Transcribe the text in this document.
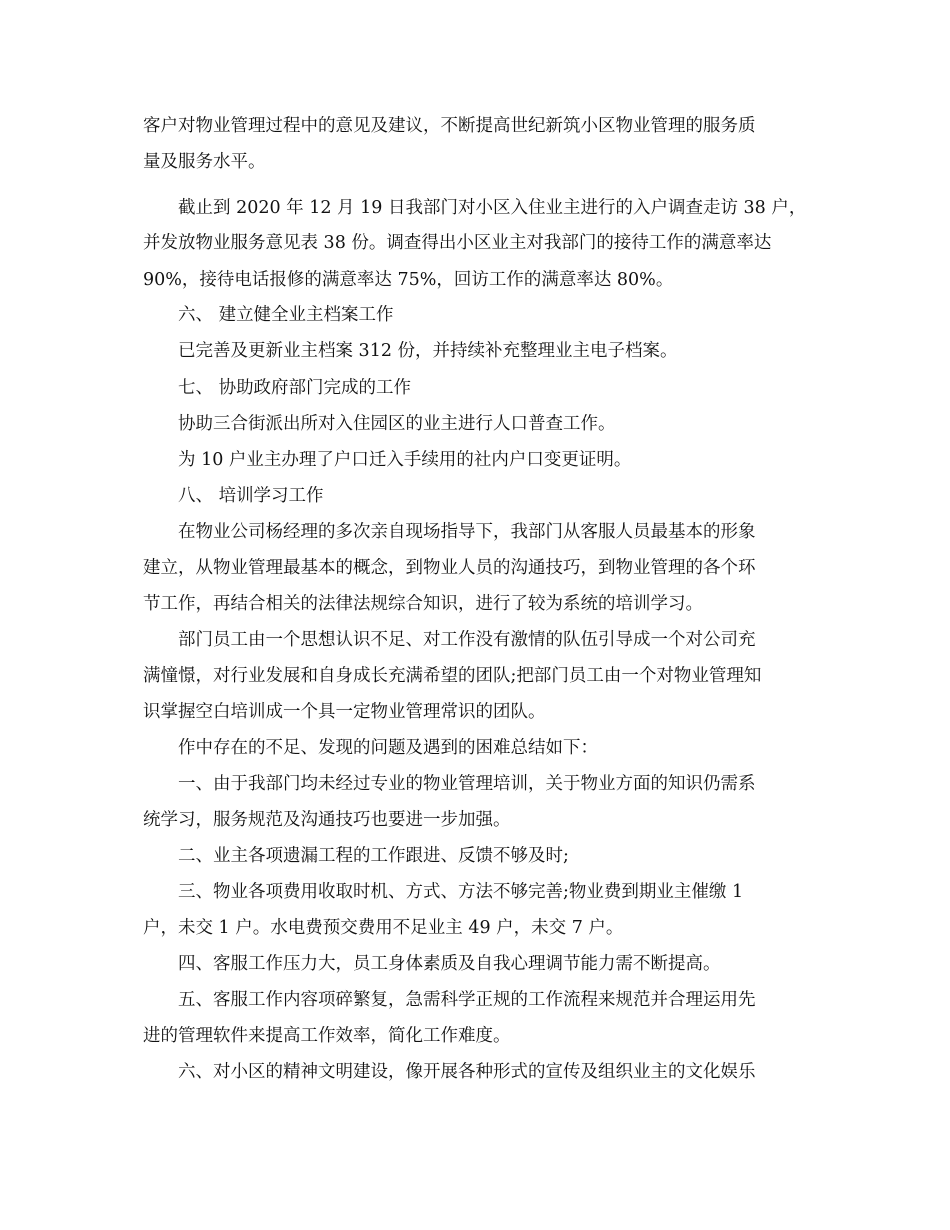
客户对物业管理过程中的意见及建议，不断提高世纪新筑小区物业管理的服务质
量及服务水平。
截止到 2020 年 12 月 19 日我部门对小区入住业主进行的入户调查走访 38 户，
并发放物业服务意见表 38 份。调查得出小区业主对我部门的接待工作的满意率达
90%，接待电话报修的满意率达 75%，回访工作的满意率达 80%。
六、 建立健全业主档案工作
已完善及更新业主档案 312 份，并持续补充整理业主电子档案。
七、 协助政府部门完成的工作
协助三合街派出所对入住园区的业主进行人口普查工作。
为 10 户业主办理了户口迁入手续用的社内户口变更证明。
八、 培训学习工作
在物业公司杨经理的多次亲自现场指导下，我部门从客服人员最基本的形象
建立，从物业管理最基本的概念，到物业人员的沟通技巧，到物业管理的各个环
节工作，再结合相关的法律法规综合知识，进行了较为系统的培训学习。
部门员工由一个思想认识不足、对工作没有激情的队伍引导成一个对公司充
满憧憬，对行业发展和自身成长充满希望的团队;把部门员工由一个对物业管理知
识掌握空白培训成一个具一定物业管理常识的团队。
作中存在的不足、发现的问题及遇到的困难总结如下：
一、由于我部门均未经过专业的物业管理培训，关于物业方面的知识仍需系
统学习，服务规范及沟通技巧也要进一步加强。
二、业主各项遗漏工程的工作跟进、反馈不够及时;
三、物业各项费用收取时机、方式、方法不够完善;物业费到期业主催缴 1
户，未交 1 户。水电费预交费用不足业主 49 户，未交 7 户。
四、客服工作压力大，员工身体素质及自我心理调节能力需不断提高。
五、客服工作内容项碎繁复，急需科学正规的工作流程来规范并合理运用先
进的管理软件来提高工作效率，简化工作难度。
六、对小区的精神文明建设，像开展各种形式的宣传及组织业主的文化娱乐
